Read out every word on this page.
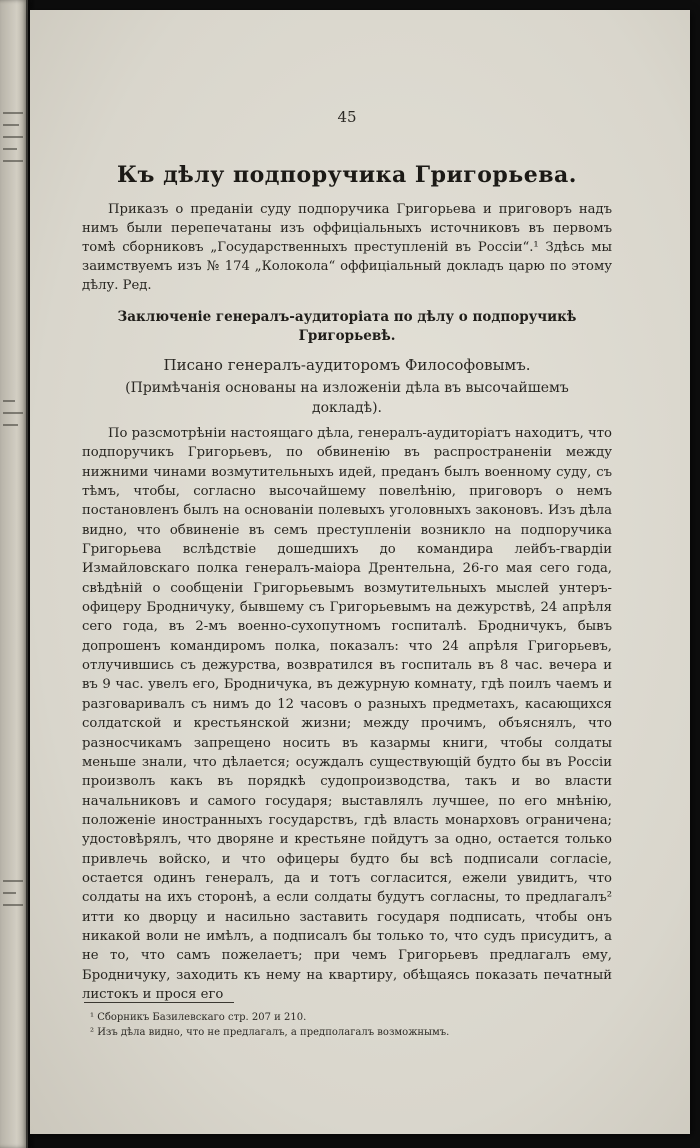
45
Къ дѣлу подпоручика Григорьева.
Приказъ о преданіи суду подпоручика Григорьева и приговоръ надъ нимъ были перепечатаны изъ оффиціальныхъ источниковъ въ первомъ томѣ сборниковъ „Государственныхъ преступленій въ Россіи“.¹ Здѣсь мы заимствуемъ изъ № 174 „Колокола“ оффиціальный докладъ царю по этому дѣлу. Ред.
Заключеніе генералъ-аудиторіата по дѣлу о подпоручикѣ Григорьевѣ.
Писано генералъ-аудиторомъ Философовымъ.
(Примѣчанія основаны на изложеніи дѣла въ высочайшемъ докладѣ).
По разсмотрѣніи настоящаго дѣла, генералъ-аудиторіатъ находитъ, что подпоручикъ Григорьевъ, по обвиненію въ распространеніи между нижними чинами возмутительныхъ идей, преданъ былъ военному суду, съ тѣмъ, чтобы, согласно высочайшему повелѣнію, приговоръ о немъ постановленъ былъ на основаніи полевыхъ уголовныхъ законовъ. Изъ дѣла видно, что обвиненіе въ семъ преступленіи возникло на подпоручика Григорьева вслѣдствіе дошедшихъ до командира лейбъ-гвардіи Измайловскаго полка генералъ-маіора Дрентельна, 26-го мая сего года, свѣдѣній о сообщеніи Григорьевымъ возмутительныхъ мыслей унтеръ-офицеру Бродничуку, бывшему съ Григорьевымъ на дежурствѣ, 24 апрѣля сего года, въ 2-мъ военно-сухопутномъ госпиталѣ. Бродничукъ, бывъ допрошенъ командиромъ полка, показалъ: что 24 апрѣля Григорьевъ, отлучившись съ дежурства, возвратился въ госпиталь въ 8 час. вечера и въ 9 час. увелъ его, Бродничука, въ дежурную комнату, гдѣ поилъ чаемъ и разговаривалъ съ нимъ до 12 часовъ о разныхъ предметахъ, касающихся солдатской и крестьянской жизни; между прочимъ, объяснялъ, что разносчикамъ запрещено носить въ казармы книги, чтобы солдаты меньше знали, что дѣлается; осуждалъ существующій будто бы въ Россіи произволъ какъ въ порядкѣ судопроизводства, такъ и во власти начальниковъ и самого государя; выставлялъ лучшее, по его мнѣнію, положеніе иностранныхъ государствъ, гдѣ власть монарховъ ограничена; удостовѣрялъ, что дворяне и крестьяне пойдутъ за одно, остается только привлечь войско, и что офицеры будто бы всѣ подписали согласіе, остается одинъ генералъ, да и тотъ согласится, ежели увидитъ, что солдаты на ихъ сторонѣ, а если солдаты будутъ согласны, то предлагалъ² итти ко дворцу и насильно заставить государя подписать, чтобы онъ никакой воли не имѣлъ, а подписалъ бы только то, что судъ присудитъ, а не то, что самъ пожелаетъ; при чемъ Григорьевъ предлагалъ ему, Бродничуку, заходить къ нему на квартиру, обѣщаясь показать печатный листокъ и прося его
¹ Сборникъ Базилевскаго стр. 207 и 210.
² Изъ дѣла видно, что не предлагалъ, а предполагалъ возможнымъ.
